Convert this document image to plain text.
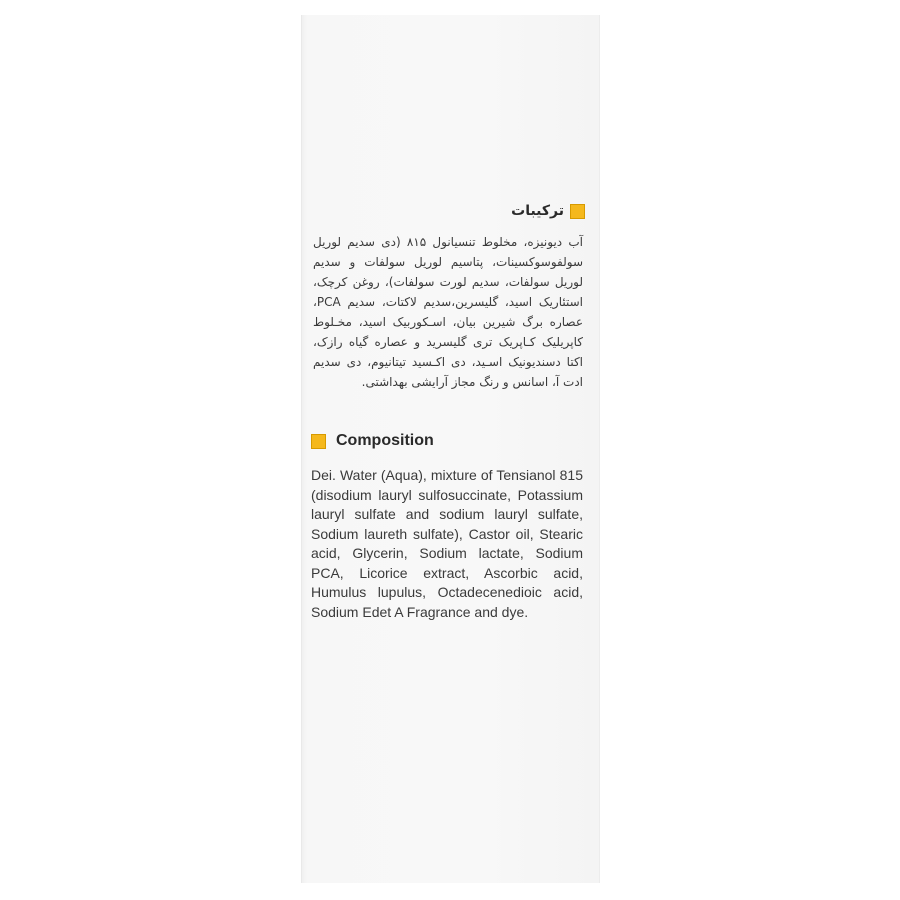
ترکیبات
آب دیونیزه، مخلوط تنسیانول ۸۱۵ (دی سدیم لوریل سولفوسوکسینات، پتاسیم لوریل سولفات و سدیم لوریل سولفات، سدیم لورت سولفات)، روغن کرچک، استئاریک اسید، گلیسرین،سدیم لاکتات، سدیم PCA، عصاره برگ شیرین بیان، اسـکوربیک اسید، مخـلوط کاپریلیک کـاپریک تری گلیسرید و عصاره گیاه رازک، اکتا دسندیونیک اسـید، دی اکـسید تیتانیوم، دی سدیم ادت آ، اسانس و رنگ مجاز آرایشی بهداشتی.
Composition
Dei. Water (Aqua), mixture of Tensianol 815 (disodium lauryl sulfosuccinate, Potassium lauryl sulfate and sodium lauryl sulfate, Sodium laureth sulfate), Castor oil, Stearic acid, Glycerin, Sodium lactate, Sodium PCA, Licorice extract, Ascorbic acid, Humulus lupulus, Octadecenedioic acid, Sodium Edet A Fragrance and dye.
